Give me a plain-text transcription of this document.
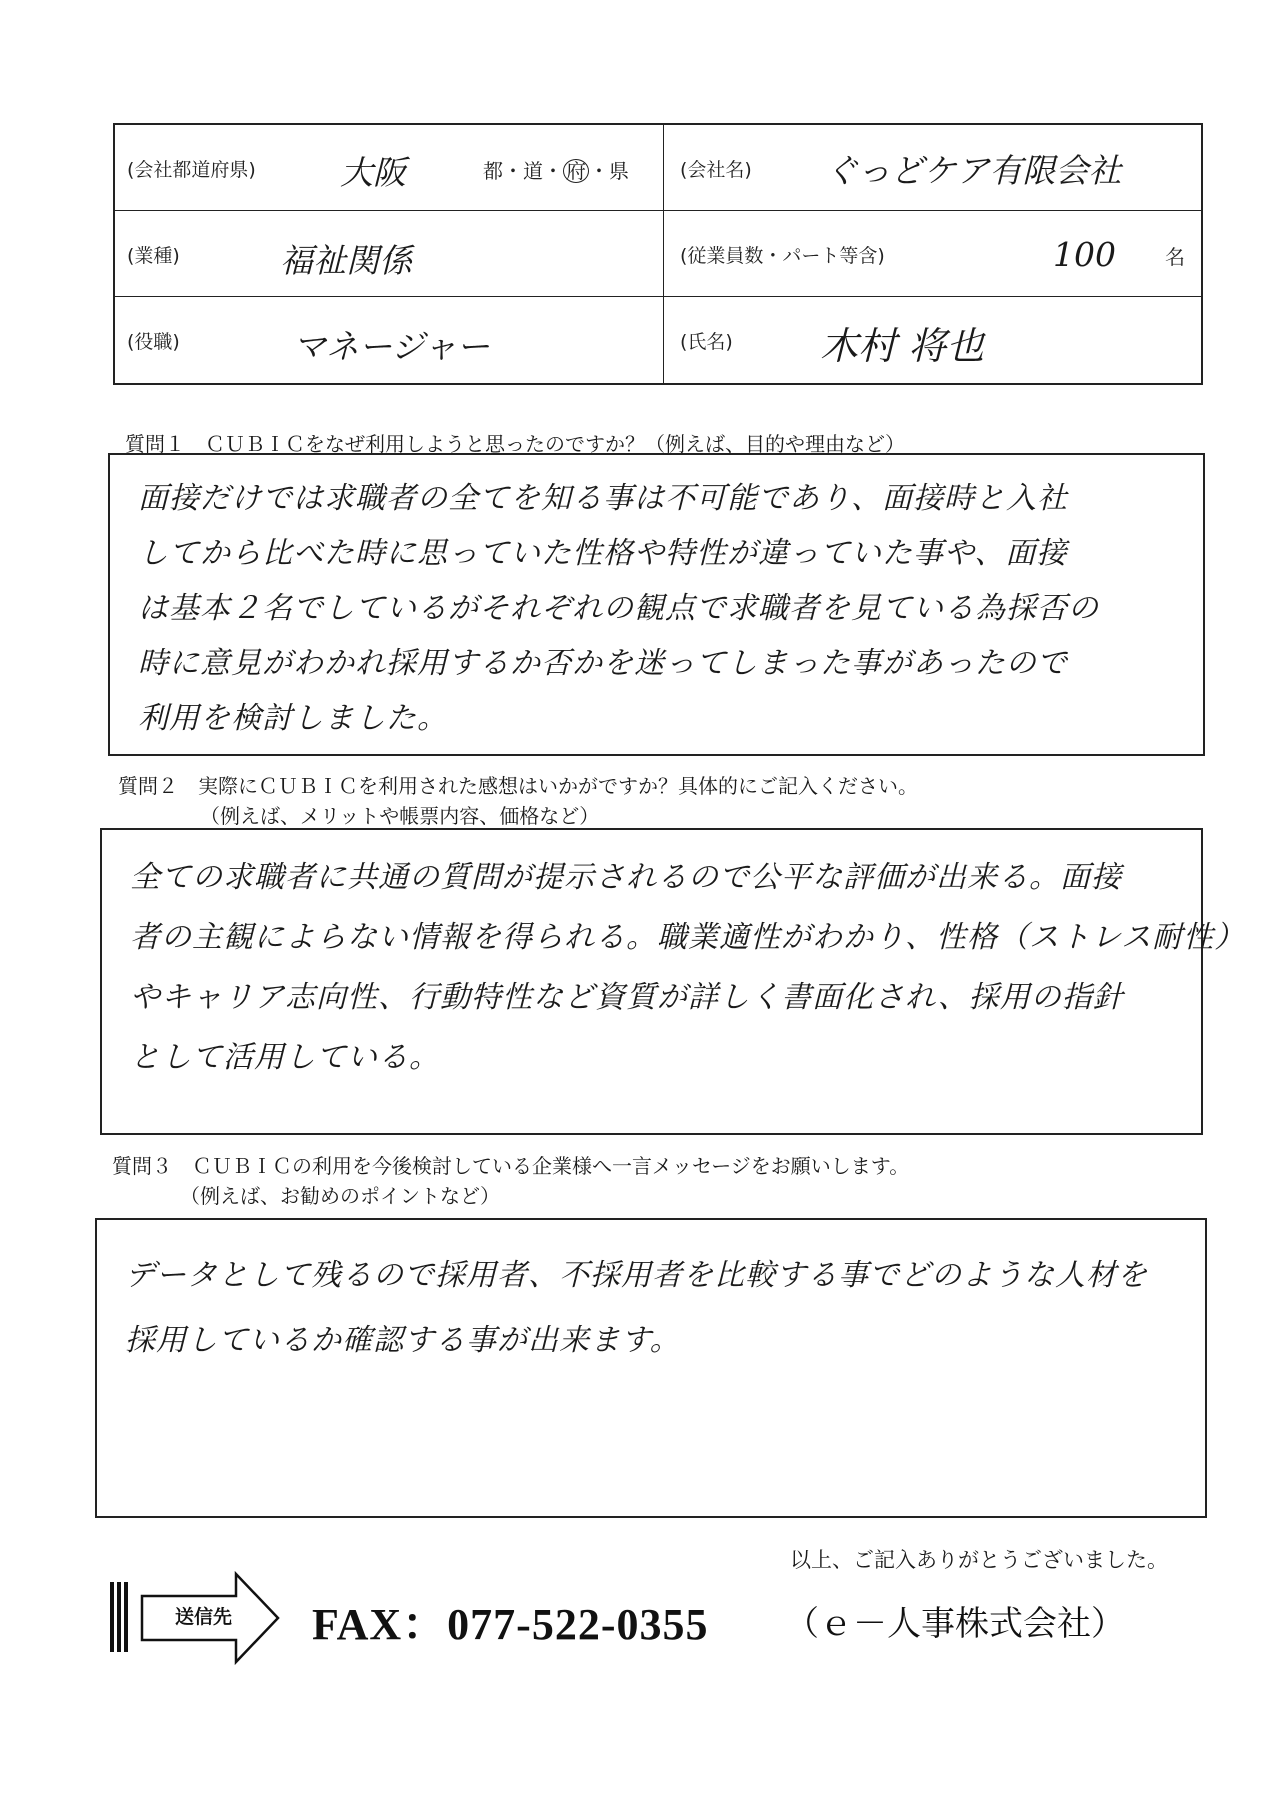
(会社都道府県)	大阪	都・道・ 府 ・県	(会社名) ぐっどケア有限会社
(業種)	福祉関係	(従業員数・パート等含)	100 名
(役職)	マネージャー	(氏名) 木村 将也
質問１　ＣＵＢＩＣをなぜ利用しようと思ったのですか？（例えば、目的や理由など）
面接だけでは求職者の全てを知る事は不可能であり、面接時と入社
してから比べた時に思っていた性格や特性が違っていた事や、面接
は基本２名でしているがそれぞれの観点で求職者を見ている為採否の
時に意見がわかれ採用するか否かを迷ってしまった事があったので
利用を検討しました。
質問２　実際にＣＵＢＩＣを利用された感想はいかがですか？具体的にご記入ください。
（例えば、メリットや帳票内容、価格など）
全ての求職者に共通の質問が提示されるので公平な評価が出来る。面接
者の主観によらない情報を得られる。職業適性がわかり、性格（ストレス耐性）
やキャリア志向性、行動特性など資質が詳しく書面化され、採用の指針
として活用している。
質問３　ＣＵＢＩＣの利用を今後検討している企業様へ一言メッセージをお願いします。
（例えば、お勧めのポイントなど）
データとして残るので採用者、不採用者を比較する事でどのような人材を
採用しているか確認する事が出来ます。
以上、ご記入ありがとうございました。
送信先 FAX：077-522-0355 （ｅ－人事株式会社）
